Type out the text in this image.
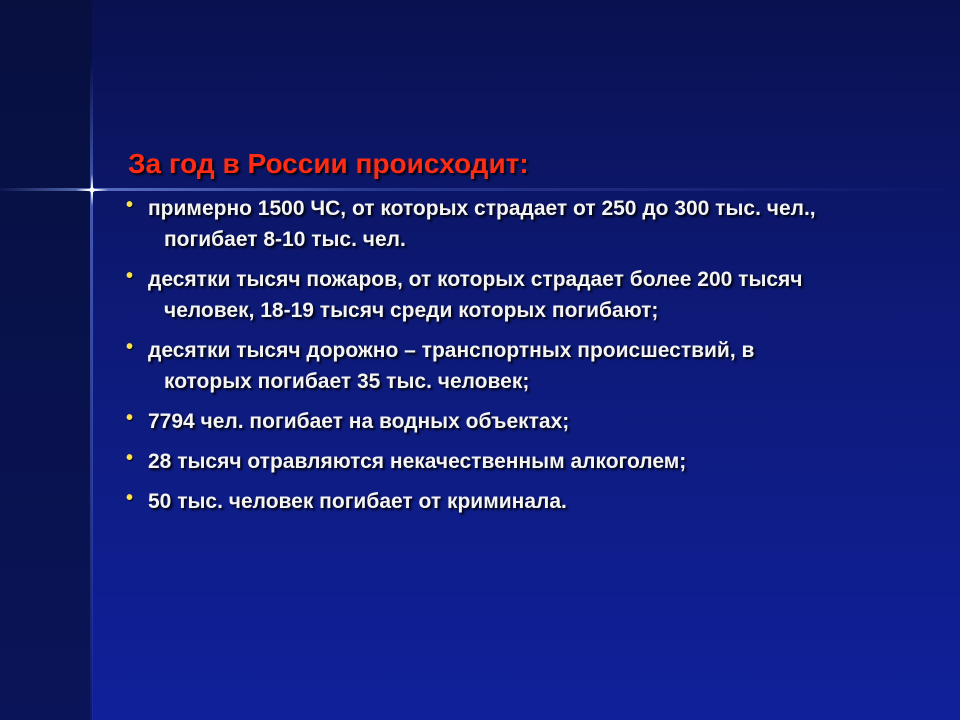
За год в России происходит:
• примерно 1500 ЧС, от которых страдает от 250 до 300 тыс. чел., погибает 8-10 тыс. чел.
• десятки тысяч пожаров, от которых страдает более 200 тысяч человек, 18-19 тысяч среди которых погибают;
• десятки тысяч дорожно – транспортных происшествий, в которых погибает 35 тыс. человек;
• 7794 чел. погибает на водных объектах;
• 28 тысяч отравляются некачественным алкоголем;
• 50 тыс. человек погибает от криминала.
